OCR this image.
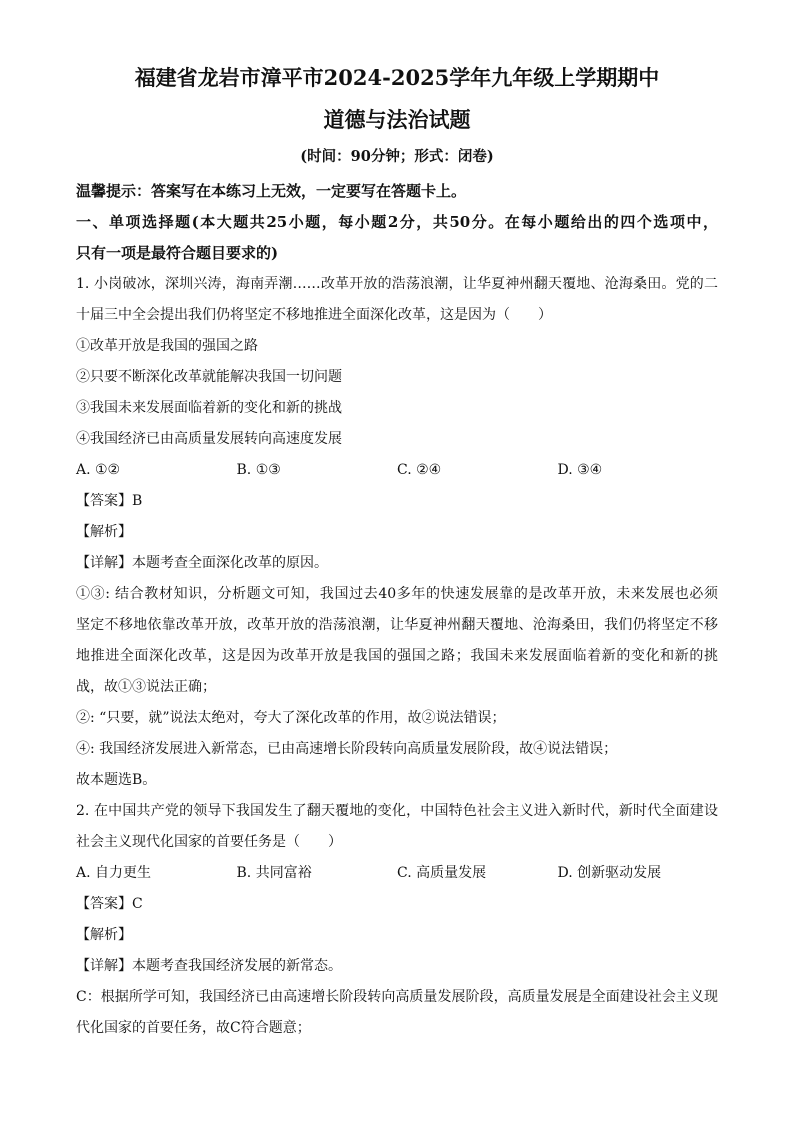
福建省龙岩市漳平市2024-2025学年九年级上学期期中
道德与法治试题
(时间：90分钟；形式：闭卷)
温馨提示：答案写在本练习上无效，一定要写在答题卡上。
一、单项选择题(本大题共25小题，每小题2分，共50分。在每小题给出的四个选项中，
只有一项是最符合题目要求的)
1. 小岗破冰，深圳兴涛，海南弄潮……改革开放的浩荡浪潮，让华夏神州翻天覆地、沧海桑田。党的二
十届三中全会提出我们仍将坚定不移地推进全面深化改革，这是因为（　　）
①改革开放是我国的强国之路
②只要不断深化改革就能解决我国一切问题
③我国未来发展面临着新的变化和新的挑战
④我国经济已由高质量发展转向高速度发展
A. ①②	B. ①③	C. ②④	D. ③④
【答案】B
【解析】
【详解】本题考查全面深化改革的原因。
①③: 结合教材知识，分析题文可知，我国过去40多年的快速发展靠的是改革开放，未来发展也必须
坚定不移地依靠改革开放，改革开放的浩荡浪潮，让华夏神州翻天覆地、沧海桑田，我们仍将坚定不移
地推进全面深化改革，这是因为改革开放是我国的强国之路；我国未来发展面临着新的变化和新的挑
战，故①③说法正确；
②: “只要，就”说法太绝对，夸大了深化改革的作用，故②说法错误；
④: 我国经济发展进入新常态，已由高速增长阶段转向高质量发展阶段，故④说法错误；
故本题选B。
2. 在中国共产党的领导下我国发生了翻天覆地的变化，中国特色社会主义进入新时代，新时代全面建设
社会主义现代化国家的首要任务是（　　）
A. 自力更生	B. 共同富裕	C. 高质量发展	D. 创新驱动发展
【答案】C
【解析】
【详解】本题考查我国经济发展的新常态。
C：根据所学可知，我国经济已由高速增长阶段转向高质量发展阶段，高质量发展是全面建设社会主义现
代化国家的首要任务，故C符合题意；
